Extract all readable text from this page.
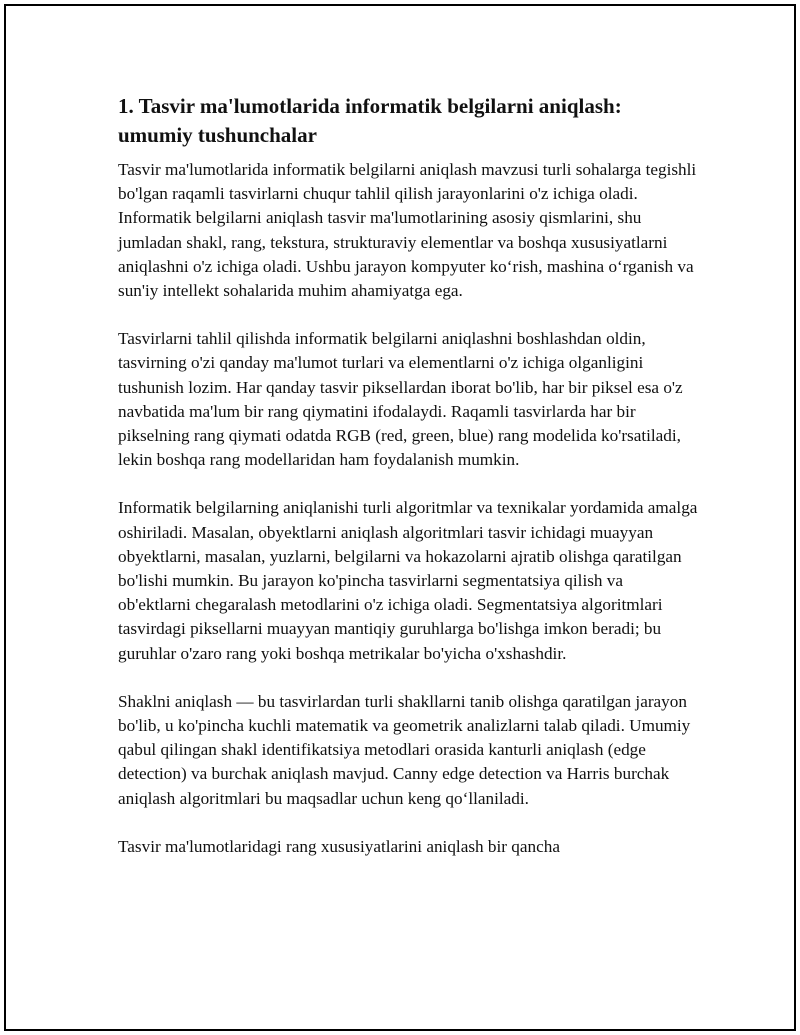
1. Tasvir ma'lumotlarida informatik belgilarni aniqlash: umumiy tushunchalar

Tasvir ma'lumotlarida informatik belgilarni aniqlash mavzusi turli sohalarga tegishli bo'lgan raqamli tasvirlarni chuqur tahlil qilish jarayonlarini o'z ichiga oladi. Informatik belgilarni aniqlash tasvir ma'lumotlarining asosiy qismlarini, shu jumladan shakl, rang, tekstura, strukturaviy elementlar va boshqa xususiyatlarni aniqlashni o'z ichiga oladi. Ushbu jarayon kompyuter ko‘rish, mashina o‘rganish va sun'iy intellekt sohalarida muhim ahamiyatga ega.

Tasvirlarni tahlil qilishda informatik belgilarni aniqlashni boshlashdan oldin, tasvirning o'zi qanday ma'lumot turlari va elementlarni o'z ichiga olganligini tushunish lozim. Har qanday tasvir piksellardan iborat bo'lib, har bir piksel esa o'z navbatida ma'lum bir rang qiymatini ifodalaydi. Raqamli tasvirlarda har bir pikselning rang qiymati odatda RGB (red, green, blue) rang modelida ko'rsatiladi, lekin boshqa rang modellaridan ham foydalanish mumkin.

Informatik belgilarning aniqlanishi turli algoritmlar va texnikalar yordamida amalga oshiriladi. Masalan, obyektlarni aniqlash algoritmlari tasvir ichidagi muayyan obyektlarni, masalan, yuzlarni, belgilarni va hokazolarni ajratib olishga qaratilgan bo'lishi mumkin. Bu jarayon ko'pincha tasvirlarni segmentatsiya qilish va ob'ektlarni chegaralash metodlarini o'z ichiga oladi. Segmentatsiya algoritmlari tasvirdagi piksellarni muayyan mantiqiy guruhlarga bo'lishga imkon beradi; bu guruhlar o'zaro rang yoki boshqa metrikalar bo'yicha o'xshashdir.

Shaklni aniqlash — bu tasvirlardan turli shakllarni tanib olishga qaratilgan jarayon bo'lib, u ko'pincha kuchli matematik va geometrik analizlarni talab qiladi. Umumiy qabul qilingan shakl identifikatsiya metodlari orasida kanturli aniqlash (edge detection) va burchak aniqlash mavjud. Canny edge detection va Harris burchak aniqlash algoritmlari bu maqsadlar uchun keng qo‘llaniladi.

Tasvir ma'lumotlaridagi rang xususiyatlarini aniqlash bir qancha
